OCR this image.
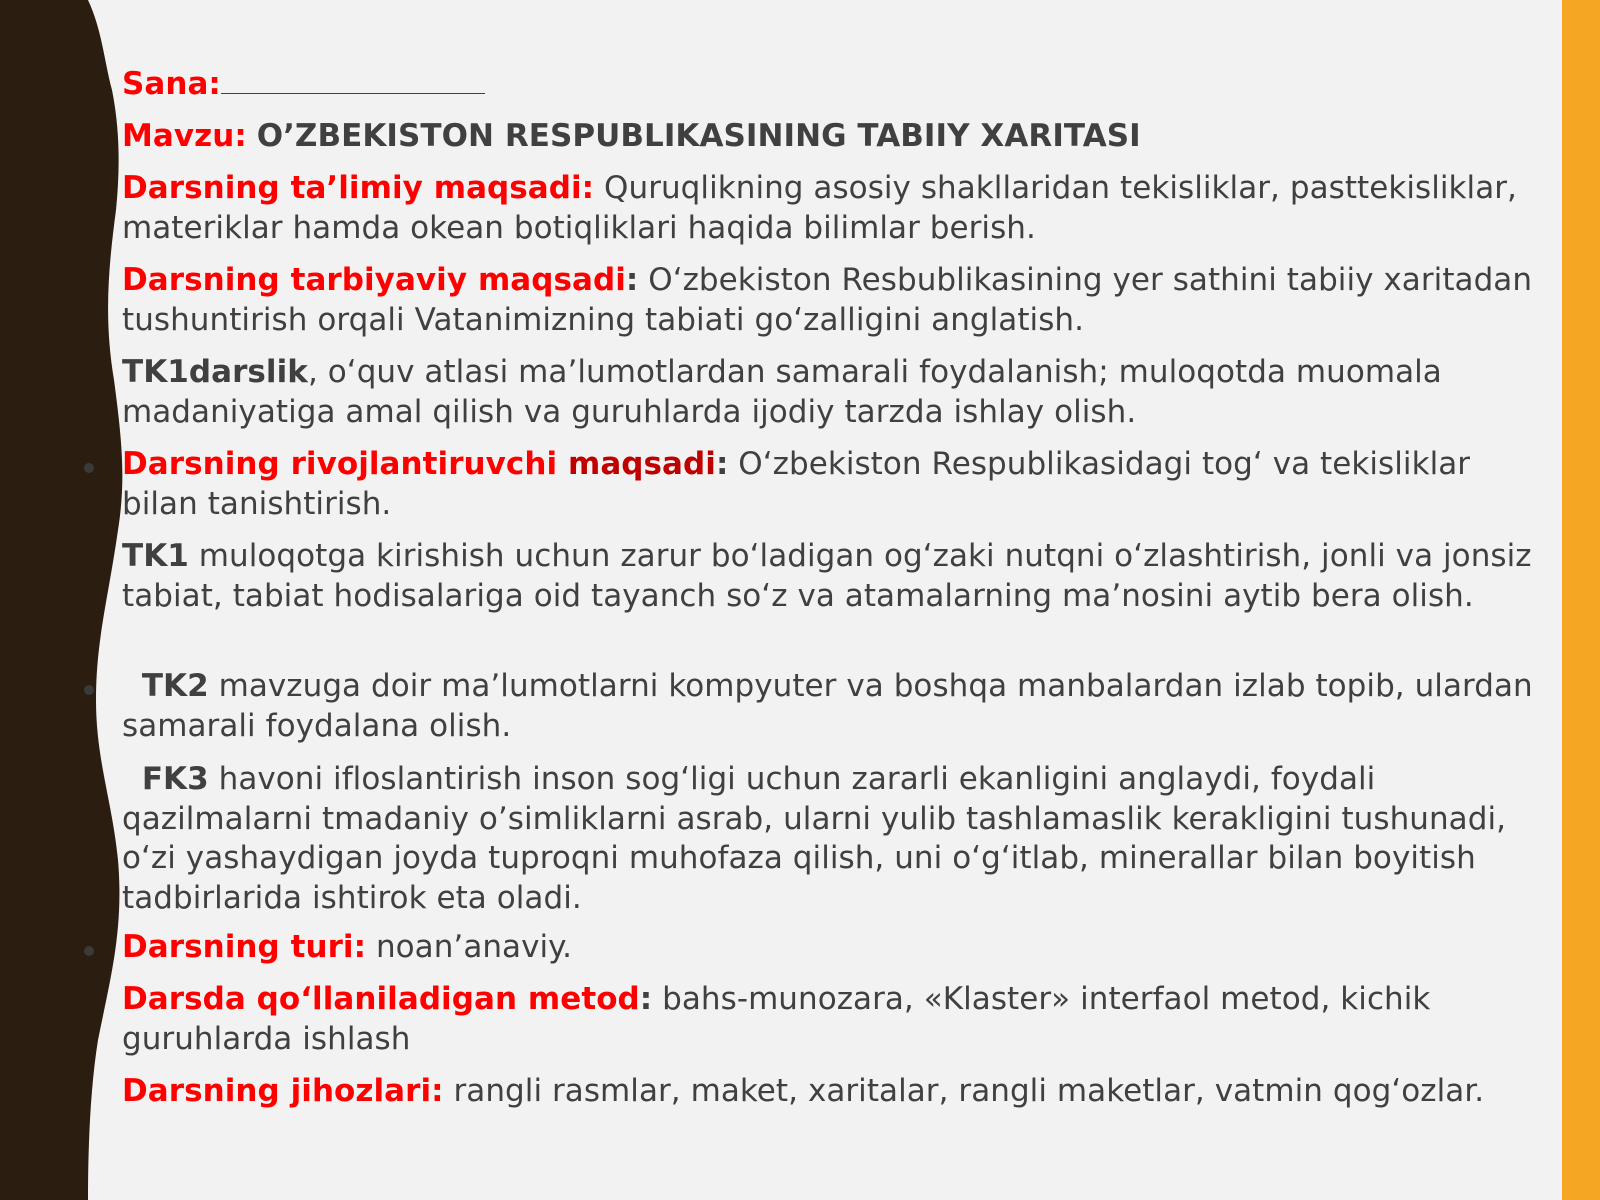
Sana:
Mavzu: O’ZBEKISTON RESPUBLIKASINING TABIIY XARITASI
Darsning ta’limiy maqsadi: Quruqlikning asosiy shakllaridan tekisliklar, pasttekisliklar, materiklar hamda okean botiqliklari haqida bilimlar berish.
Darsning tarbiyaviy maqsadi: O‘zbekiston Resbublikasining yer sathini tabiiy xaritadan tushuntirish orqali Vatanimizning tabiati go‘zalligini anglatish.
TK1darslik, o‘quv atlasi ma’lumotlardan samarali foydalanish; muloqotda muomala madaniyatiga amal qilish va guruhlarda ijodiy tarzda ishlay olish.
Darsning rivojlantiruvchi maqsadi: O‘zbekiston Respublikasidagi tog‘ va tekisliklar bilan tanishtirish.
TK1 muloqotga kirishish uchun zarur bo‘ladigan og‘zaki nutqni o‘zlashtirish, jonli va jonsiz tabiat, tabiat hodisalariga oid tayanch so‘z va atamalarning ma’nosini aytib bera olish.
TK2 mavzuga doir ma’lumotlarni kompyuter va boshqa manbalardan izlab topib, ulardan samarali foydalana olish.
FK3 havoni ifloslantirish inson sog‘ligi uchun zararli ekanligini anglaydi, foydali qazilmalarni tmadaniy o’simliklarni asrab, ularni yulib tashlamaslik kerakligini tushunadi, o‘zi yashaydigan joyda tuproqni muhofaza qilish, uni o‘g‘itlab, minerallar bilan boyitish tadbirlarida ishtirok eta oladi.
Darsning turi: noan’anaviy.
Darsda qo‘llaniladigan metod: bahs-munozara, «Klaster» interfaol metod, kichik guruhlarda ishlash
Darsning jihozlari: rangli rasmlar, maket, xaritalar, rangli maketlar, vatmin qog‘ozlar.
